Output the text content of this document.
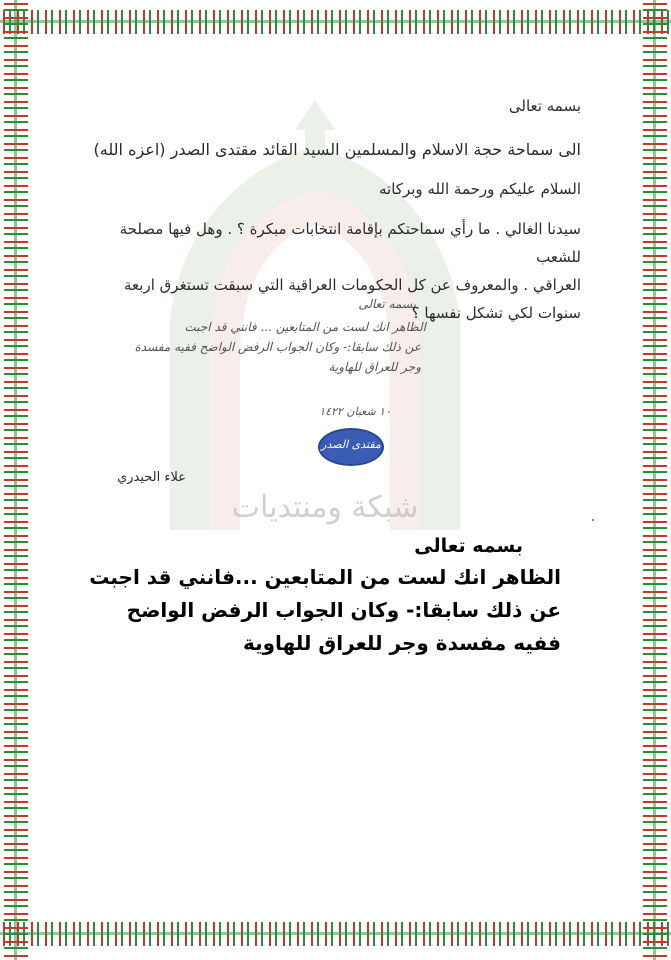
شبكة ومنتديات
بسمه تعالى
الى سماحة حجة الاسلام والمسلمين السيد القائد مقتدى الصدر (اعزه الله)
السلام عليكم ورحمة الله وبركاته
سيدنا الغالي . ما رأي سماحتكم بإقامة انتخابات مبكرة ؟ . وهل فيها مصلحة للشعب
العراقي . والمعروف عن كل الحكومات العراقية التي سبقت تستغرق اربعة
سنوات لكي تشكل نفسها ؟
بسمه تعالى
الظاهر انك لست من المتابعين ... فانني قد اجبت
عن ذلك سابقا:- وكان الجواب الرفض الواضح ففيه مفسدة
وجر للعراق للهاوية
١٠ شعبان ١٤٢٢
مقتدى الصدر
علاء الحيدري
بسمه تعالى
الظاهر انك لست من المتابعين ...فانني قد اجبت
عن ذلك سابقا:- وكان الجواب الرفض الواضح
ففيه مفسدة وجر للعراق للهاوية
